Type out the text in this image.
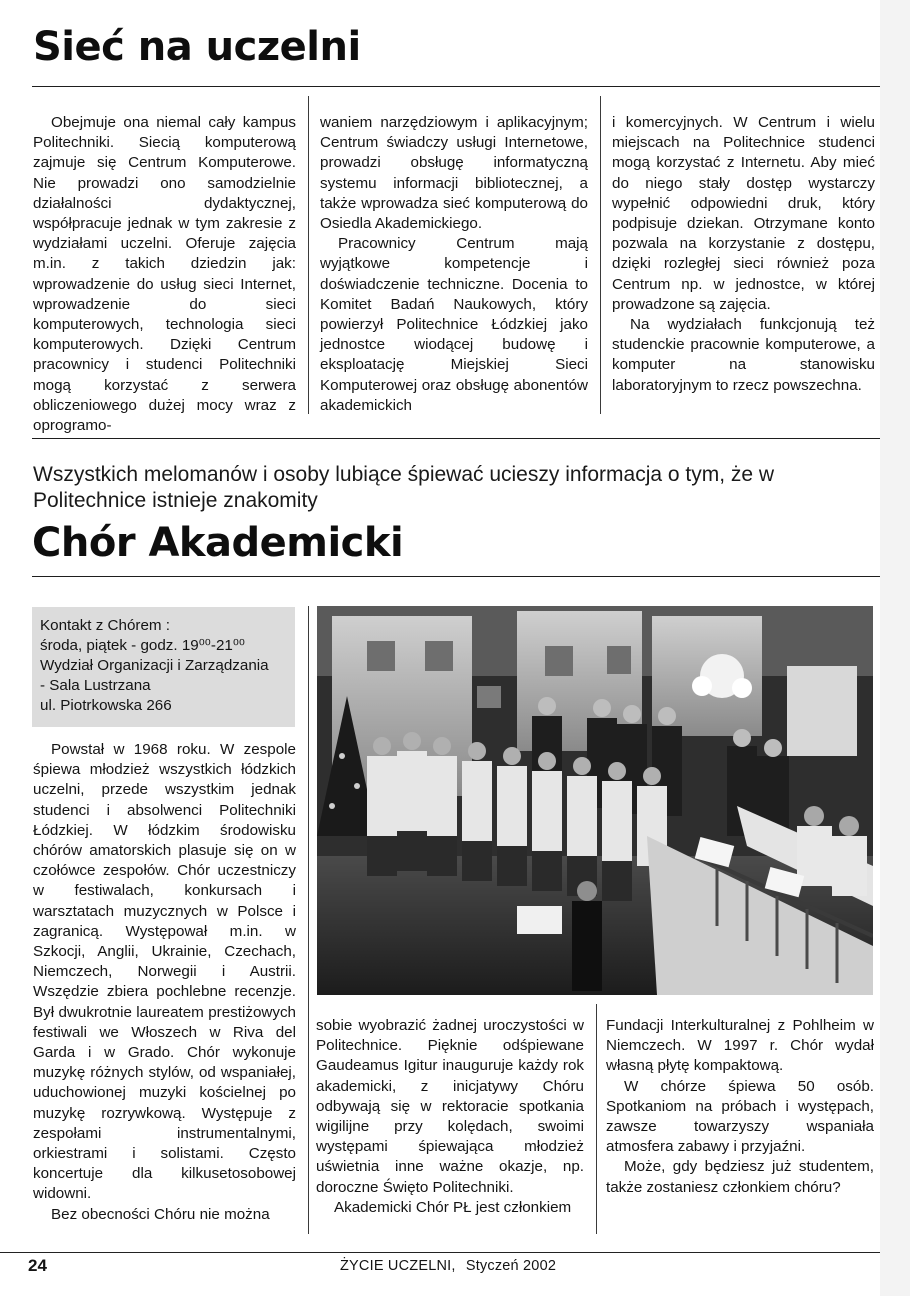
Sieć na uczelni

Obejmuje ona niemal cały kampus Politechniki. Siecią komputerową zajmuje się Centrum Komputerowe. Nie prowadzi ono samodzielnie działalności dydaktycznej, współpracuje jednak w tym zakresie z wydziałami uczelni. Oferuje zajęcia m.in. z takich dziedzin jak: wprowadzenie do usług sieci Internet, wprowadzenie do sieci komputerowych, technologia sieci komputerowych. Dzięki Centrum pracownicy i studenci Politechniki mogą korzystać z serwera obliczeniowego dużej mocy wraz z oprogramo-

waniem narzędziowym i aplikacyjnym; Centrum świadczy usługi Internetowe, prowadzi obsługę informatyczną systemu informacji bibliotecznej, a także wprowadza sieć komputerową do Osiedla Akademickiego.

Pracownicy Centrum mają wyjątkowe kompetencje i doświadczenie techniczne. Docenia to Komitet Badań Naukowych, który powierzył Politechnice Łódzkiej jako jednostce wiodącej budowę i eksploatację Miejskiej Sieci Komputerowej oraz obsługę abonentów akademickich

i komercyjnych. W Centrum i wielu miejscach na Politechnice studenci mogą korzystać z Internetu. Aby mieć do niego stały dostęp wystarczy wypełnić odpowiedni druk, który podpisuje dziekan. Otrzymane konto pozwala na korzystanie z dostępu, dzięki rozległej sieci również poza Centrum np. w jednostce, w której prowadzone są zajęcia.

Na wydziałach funkcjonują też studenckie pracownie komputerowe, a komputer na stanowisku laboratoryjnym to rzecz powszechna.

Wszystkich melomanów i osoby lubiące śpiewać ucieszy informacja o tym, że w Politechnice istnieje znakomity
Chór Akademicki
Kontakt z Chórem :
środa, piątek - godz. 19⁰⁰-21⁰⁰
Wydział Organizacji i Zarządzania
- Sala Lustrzana
ul. Piotrkowska 266

Powstał w 1968 roku. W zespole śpiewa młodzież wszystkich łódzkich uczelni, przede wszystkim jednak studenci i absolwenci Politechniki Łódzkiej. W łódzkim środowisku chórów amatorskich plasuje się on w czołówce zespołów. Chór uczestniczy w festiwalach, konkursach i warsztatach muzycznych w Polsce i zagranicą. Występował m.in. w Szkocji, Anglii, Ukrainie, Czechach, Niemczech, Norwegii i Austrii. Wszędzie zbiera pochlebne recenzje. Był dwukrotnie laureatem prestiżowych festiwali we Włoszech w Riva del Garda i w Grado. Chór wykonuje muzykę różnych stylów, od wspaniałej, uduchowionej muzyki kościelnej po muzykę rozrywkową. Występuje z zespołami instrumentalnymi, orkiestrami i solistami. Często koncertuje dla kilkusetosobowej widowni.

Bez obecności Chóru nie można

sobie wyobrazić żadnej uroczystości w Politechnice. Pięknie odśpiewane Gaudeamus Igitur inauguruje każdy rok akademicki, z inicjatywy Chóru odbywają się w rektoracie spotkania wigilijne przy kolędach, swoimi występami śpiewająca młodzież uświetnia inne ważne okazje, np. doroczne Święto Politechniki.

Akademicki Chór PŁ jest członkiem

Fundacji Interkulturalnej z Pohlheim w Niemczech. W 1997 r. Chór wydał własną płytę kompaktową.

W chórze śpiewa 50 osób. Spotkaniom na próbach i występach, zawsze towarzyszy wspaniała atmosfera zabawy i przyjaźni.

Może, gdy będziesz już studentem, także zostaniesz członkiem chóru?

24	ŻYCIE UCZELNI, Styczeń 2002
